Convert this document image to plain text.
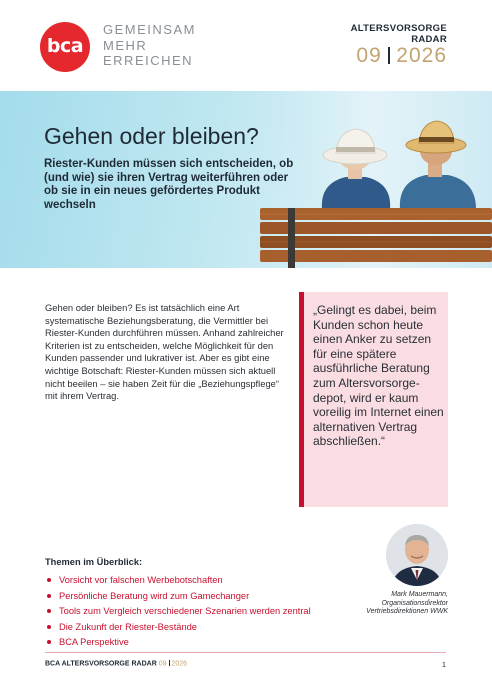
bca
GEMEINSAM
MEHR
ERREICHEN
ALTERSVORSORGE
RADAR
09 2026
Gehen oder bleiben?

Riester-Kunden müssen sich entscheiden, ob (und wie) sie ihren Vertrag weiterführen oder ob sie in ein neues gefördertes Produkt wechseln

Gehen oder bleiben? Es ist tatsächlich eine Art systematische Beziehungsberatung, die Vermittler bei Riester-Kunden durchführen müssen. Anhand zahlreicher Kriterien ist zu entscheiden, welche Möglichkeit für den Kunden passender und lukrativer ist. Aber es gibt eine wichtige Botschaft: Riester-Kunden müssen sich aktuell nicht beeilen – sie haben Zeit für die „Beziehungspflege“ mit ihrem Vertrag.

„Gelingt es dabei, beim Kunden schon heute einen Anker zu setzen für eine spätere ausführliche Beratung zum Altersvorsorgedepot, wird er kaum voreilig im Internet einen alternativen Vertrag abschließen.“

Mark Mauermann,
Organisationsdirektor
Vertriebsdirektionen WWK
Themen im Überblick:
Vorsicht vor falschen Werbebotschaften
Persönliche Beratung wird zum Gamechanger
Tools zum Vergleich verschiedener Szenarien werden zentral
Die Zukunft der Riester-Bestände
BCA Perspektive
BCA ALTERSVORSORGE RADAR 09 2026	1
